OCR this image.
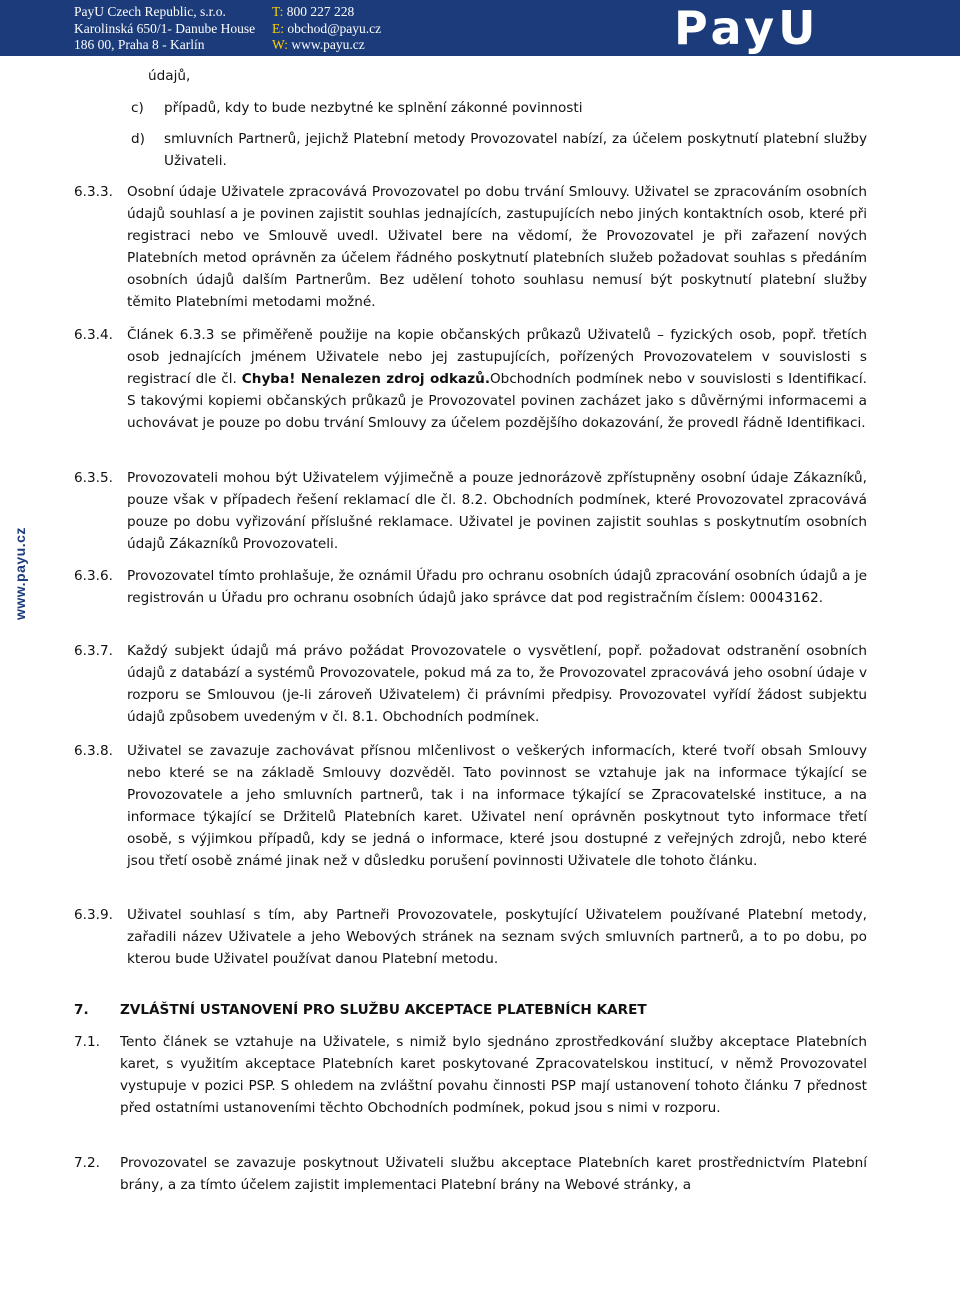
PayU Czech Republic, s.r.o.
Karolinská 650/1- Danube House
186 00, Praha 8 - Karlín
T: 800 227 228
E: obchod@payu.cz
W: www.payu.cz	PayU
www.payu.cz
údajů,
c) případů, kdy to bude nezbytné ke splnění zákonné povinnosti
d) smluvních Partnerů, jejichž Platební metody Provozovatel nabízí, za účelem poskytnutí platební služby Uživateli.
6.3.3. Osobní údaje Uživatele zpracovává Provozovatel po dobu trvání Smlouvy. Uživatel se zpracováním osobních údajů souhlasí a je povinen zajistit souhlas jednajících, zastupujících nebo jiných kontaktních osob, které při registraci nebo ve Smlouvě uvedl. Uživatel bere na vědomí, že Provozovatel je při zařazení nových Platebních metod oprávněn za účelem řádného poskytnutí platebních služeb požadovat souhlas s předáním osobních údajů dalším Partnerům. Bez udělení tohoto souhlasu nemusí být poskytnutí platební služby těmito Platebními metodami možné.
6.3.4. Článek 6.3.3 se přiměřeně použije na kopie občanských průkazů Uživatelů – fyzických osob, popř. třetích osob jednajících jménem Uživatele nebo jej zastupujících, pořízených Provozovatelem v souvislosti s registrací dle čl. Chyba! Nenalezen zdroj odkazů.Obchodních podmínek nebo v souvislosti s Identifikací. S takovými kopiemi občanských průkazů je Provozovatel povinen zacházet jako s důvěrnými informacemi a uchovávat je pouze po dobu trvání Smlouvy za účelem pozdějšího dokazování, že provedl řádně Identifikaci.
6.3.5. Provozovateli mohou být Uživatelem výjimečně a pouze jednorázově zpřístupněny osobní údaje Zákazníků, pouze však v případech řešení reklamací dle čl. 8.2. Obchodních podmínek, které Provozovatel zpracovává pouze po dobu vyřizování příslušné reklamace. Uživatel je povinen zajistit souhlas s poskytnutím osobních údajů Zákazníků Provozovateli.
6.3.6. Provozovatel tímto prohlašuje, že oznámil Úřadu pro ochranu osobních údajů zpracování osobních údajů a je registrován u Úřadu pro ochranu osobních údajů jako správce dat pod registračním číslem: 00043162.
6.3.7. Každý subjekt údajů má právo požádat Provozovatele o vysvětlení, popř. požadovat odstranění osobních údajů z databází a systémů Provozovatele, pokud má za to, že Provozovatel zpracovává jeho osobní údaje v rozporu se Smlouvou (je-li zároveň Uživatelem) či právními předpisy. Provozovatel vyřídí žádost subjektu údajů způsobem uvedeným v čl. 8.1. Obchodních podmínek.
6.3.8. Uživatel se zavazuje zachovávat přísnou mlčenlivost o veškerých informacích, které tvoří obsah Smlouvy nebo které se na základě Smlouvy dozvěděl. Tato povinnost se vztahuje jak na informace týkající se Provozovatele a jeho smluvních partnerů, tak i na informace týkající se Zpracovatelské instituce, a na informace týkající se Držitelů Platebních karet. Uživatel není oprávněn poskytnout tyto informace třetí osobě, s výjimkou případů, kdy se jedná o informace, které jsou dostupné z veřejných zdrojů, nebo které jsou třetí osobě známé jinak než v důsledku porušení povinnosti Uživatele dle tohoto článku.
6.3.9. Uživatel souhlasí s tím, aby Partneři Provozovatele, poskytující Uživatelem používané Platební metody, zařadili název Uživatele a jeho Webových stránek na seznam svých smluvních partnerů, a to po dobu, po kterou bude Uživatel používat danou Platební metodu.
7. ZVLÁŠTNÍ USTANOVENÍ PRO SLUŽBU AKCEPTACE PLATEBNÍCH KARET
7.1. Tento článek se vztahuje na Uživatele, s nimiž bylo sjednáno zprostředkování služby akceptace Platebních karet, s využitím akceptace Platebních karet poskytované Zpracovatelskou institucí, v němž Provozovatel vystupuje v pozici PSP. S ohledem na zvláštní povahu činnosti PSP mají ustanovení tohoto článku 7 přednost před ostatními ustanoveními těchto Obchodních podmínek, pokud jsou s nimi v rozporu.
7.2. Provozovatel se zavazuje poskytnout Uživateli službu akceptace Platebních karet prostřednictvím Platební brány, a za tímto účelem zajistit implementaci Platební brány na Webové stránky, a
